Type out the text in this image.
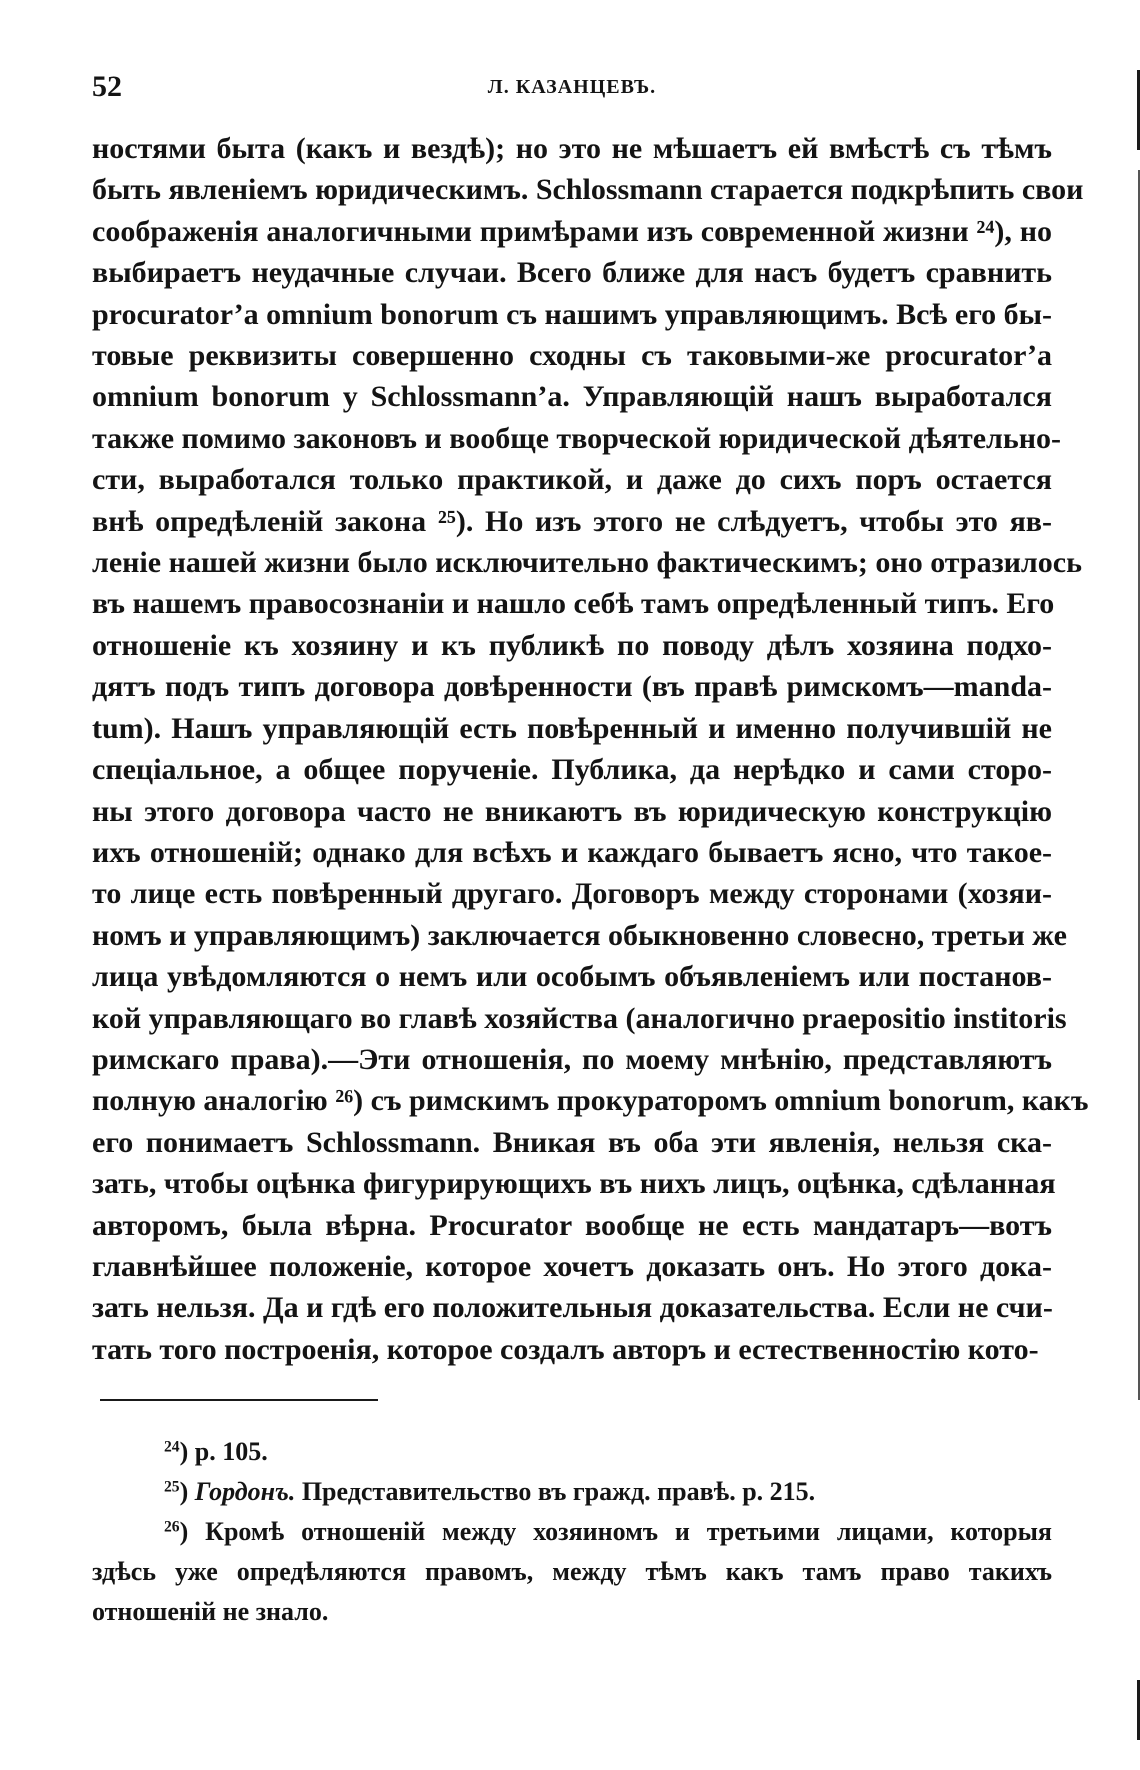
52	Л. КАЗАНЦЕВЪ.
ностями быта (какъ и вездѣ); но это не мѣшаетъ ей вмѣстѣ съ тѣмъ
быть явленіемъ юридическимъ. Schlossmann старается подкрѣпить свои
соображенія аналогичными примѣрами изъ современной жизни ²⁴), но
выбираетъ неудачные случаи. Всего ближе для насъ будетъ сравнить
procurator’a omnium bonorum съ нашимъ управляющимъ. Всѣ его бы-
товые реквизиты совершенно сходны съ таковыми-же procurator’a
omnium bonorum у Schlossmann’a. Управляющій нашъ выработался
также помимо законовъ и вообще творческой юридической дѣятельно-
сти, выработался только практикой, и даже до сихъ поръ остается
внѣ опредѣленій закона ²⁵). Но изъ этого не слѣдуетъ, чтобы это яв-
леніе нашей жизни было исключительно фактическимъ; оно отразилось
въ нашемъ правосознаніи и нашло себѣ тамъ опредѣленный типъ. Его
отношеніе къ хозяину и къ публикѣ по поводу дѣлъ хозяина подхо-
дятъ подъ типъ договора довѣренности (въ правѣ римскомъ—manda-
tum). Нашъ управляющій есть повѣренный и именно получившій не
спеціальное, а общее порученіе. Публика, да нерѣдко и сами сторо-
ны этого договора часто не вникаютъ въ юридическую конструкцію
ихъ отношеній; однако для всѣхъ и каждаго бываетъ ясно, что такое-
то лице есть повѣренный другаго. Договоръ между сторонами (хозяи-
номъ и управляющимъ) заключается обыкновенно словесно, третьи же
лица увѣдомляются о немъ или особымъ объявленіемъ или постанов-
кой управляющаго во главѣ хозяйства (аналогично praepositio institoris
римскаго права).—Эти отношенія, по моему мнѣнію, представляютъ
полную аналогію ²⁶) съ римскимъ прокураторомъ omnium bonorum, какъ
его понимаетъ Schlossmann. Вникая въ оба эти явленія, нельзя ска-
зать, чтобы оцѣнка фигурирующихъ въ нихъ лицъ, оцѣнка, сдѣланная
авторомъ, была вѣрна. Procurator вообще не есть мандатаръ—вотъ
главнѣйшее положеніе, которое хочетъ доказать онъ. Но этого дока-
зать нельзя. Да и гдѣ его положительныя доказательства. Если не счи-
тать того построенія, которое создалъ авторъ и естественностію кото-
$^{24}$) p. 105.
$^{25}$) Гордонъ. Представительство въ гражд. правѣ. p. 215.
$^{26}$) Кромѣ отношеній между хозяиномъ и третьими лицами, которыя
здѣсь уже опредѣляются правомъ, между тѣмъ какъ тамъ право такихъ
отношеній не знало.
